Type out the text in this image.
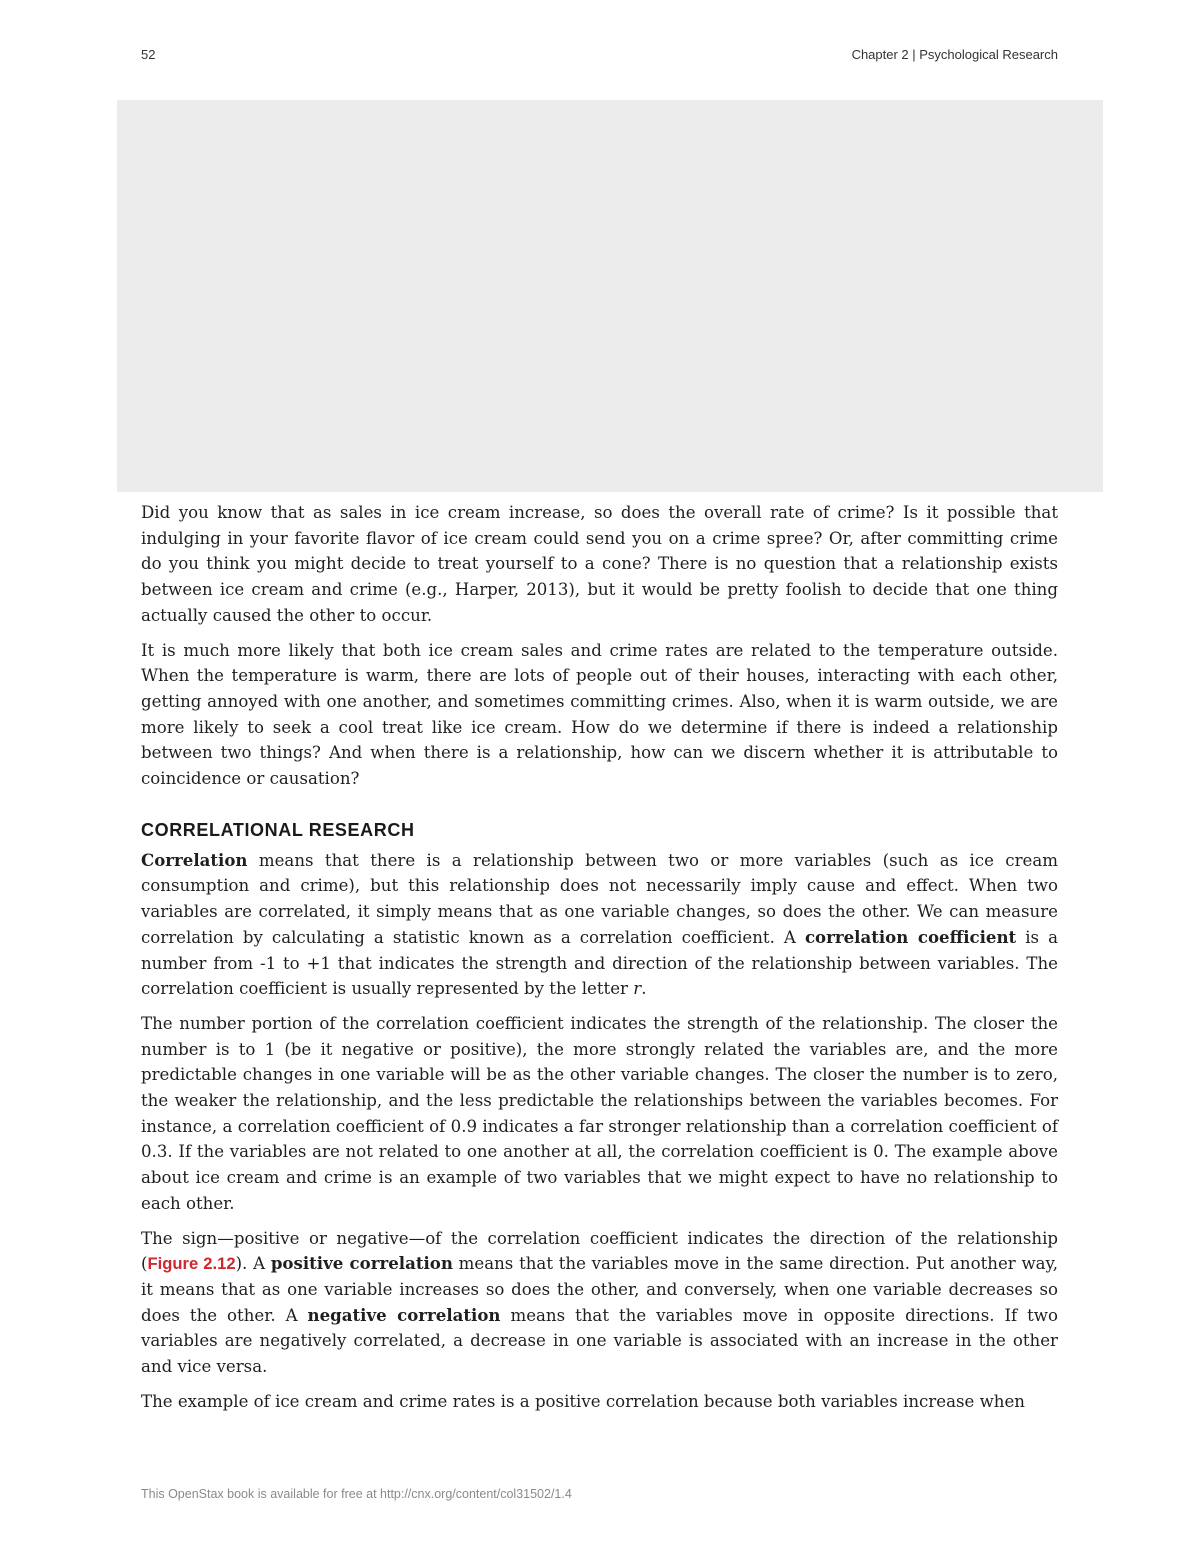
52	Chapter 2 | Psychological Research

Did you know that as sales in ice cream increase, so does the overall rate of crime? Is it possible that indulging in your favorite flavor of ice cream could send you on a crime spree? Or, after committing crime do you think you might decide to treat yourself to a cone? There is no question that a relationship exists between ice cream and crime (e.g., Harper, 2013), but it would be pretty foolish to decide that one thing actually caused the other to occur.

It is much more likely that both ice cream sales and crime rates are related to the temperature outside. When the temperature is warm, there are lots of people out of their houses, interacting with each other, getting annoyed with one another, and sometimes committing crimes. Also, when it is warm outside, we are more likely to seek a cool treat like ice cream. How do we determine if there is indeed a relationship between two things? And when there is a relationship, how can we discern whether it is attributable to coincidence or causation?

CORRELATIONAL RESEARCH

Correlation means that there is a relationship between two or more variables (such as ice cream consumption and crime), but this relationship does not necessarily imply cause and effect. When two variables are correlated, it simply means that as one variable changes, so does the other. We can measure correlation by calculating a statistic known as a correlation coefficient. A correlation coefficient is a number from -1 to +1 that indicates the strength and direction of the relationship between variables. The correlation coefficient is usually represented by the letter r.

The number portion of the correlation coefficient indicates the strength of the relationship. The closer the number is to 1 (be it negative or positive), the more strongly related the variables are, and the more predictable changes in one variable will be as the other variable changes. The closer the number is to zero, the weaker the relationship, and the less predictable the relationships between the variables becomes. For instance, a correlation coefficient of 0.9 indicates a far stronger relationship than a correlation coefficient of 0.3. If the variables are not related to one another at all, the correlation coefficient is 0. The example above about ice cream and crime is an example of two variables that we might expect to have no relationship to each other.

The sign—positive or negative—of the correlation coefficient indicates the direction of the relationship (Figure 2.12). A positive correlation means that the variables move in the same direction. Put another way, it means that as one variable increases so does the other, and conversely, when one variable decreases so does the other. A negative correlation means that the variables move in opposite directions. If two variables are negatively correlated, a decrease in one variable is associated with an increase in the other and vice versa.

The example of ice cream and crime rates is a positive correlation because both variables increase when

This OpenStax book is available for free at http://cnx.org/content/col31502/1.4
